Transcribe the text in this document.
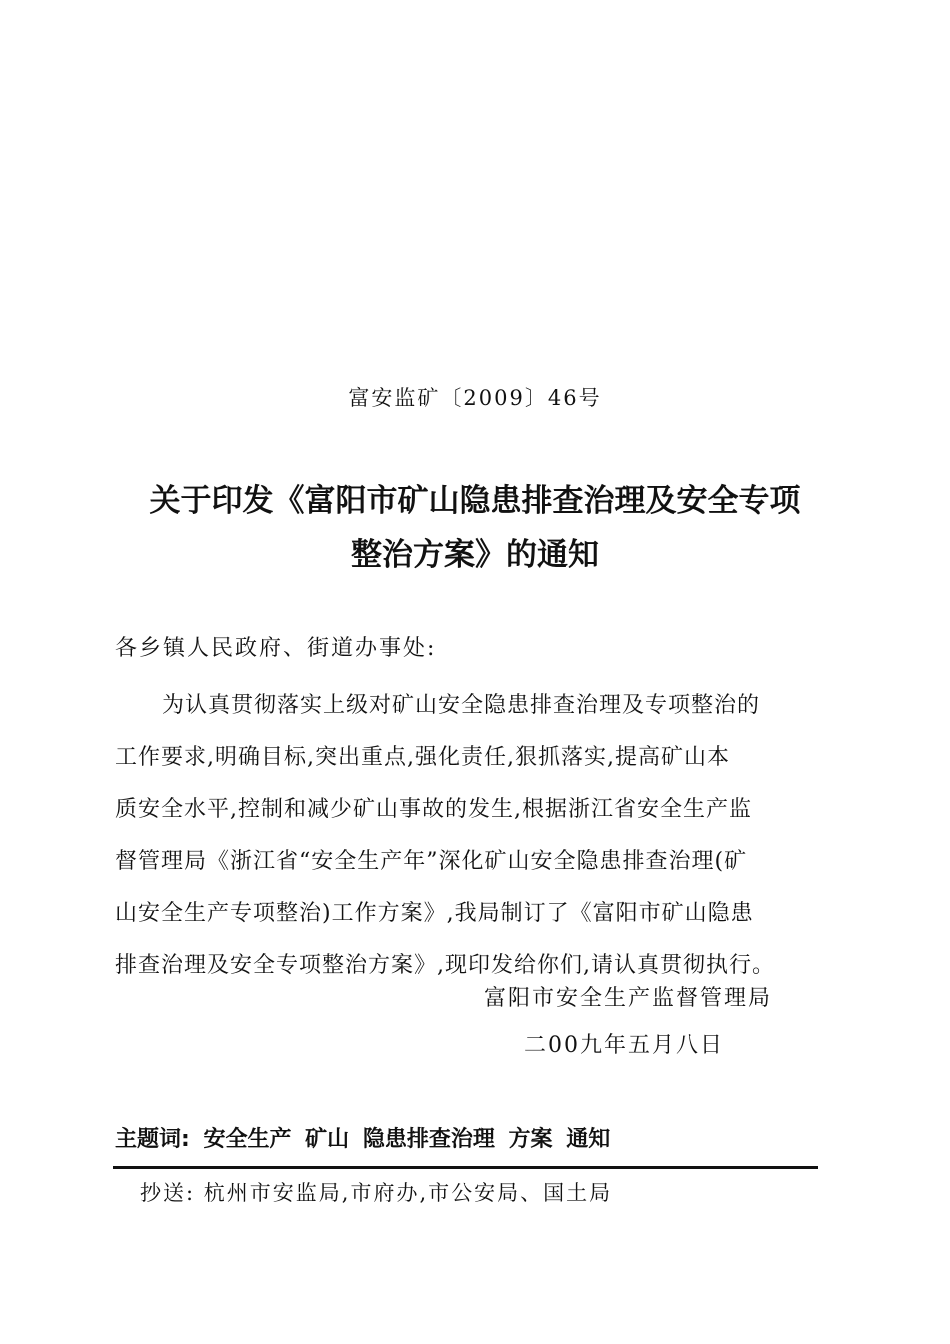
富安监矿〔2009〕46号
关于印发《富阳市矿山隐患排查治理及安全专项
整治方案》的通知
各乡镇人民政府、街道办事处:
为认真贯彻落实上级对矿山安全隐患排查治理及专项整治的
工作要求,明确目标,突出重点,强化责任,狠抓落实,提高矿山本
质安全水平,控制和减少矿山事故的发生,根据浙江省安全生产监
督管理局《浙江省“安全生产年”深化矿山安全隐患排查治理(矿
山安全生产专项整治)工作方案》,我局制订了《富阳市矿山隐患
排查治理及安全专项整治方案》,现印发给你们,请认真贯彻执行。
富阳市安全生产监督管理局
二00九年五月八日
主题词: 安全生产 矿山 隐患排查治理 方案 通知
抄送: 杭州市安监局,市府办,市公安局、国土局
